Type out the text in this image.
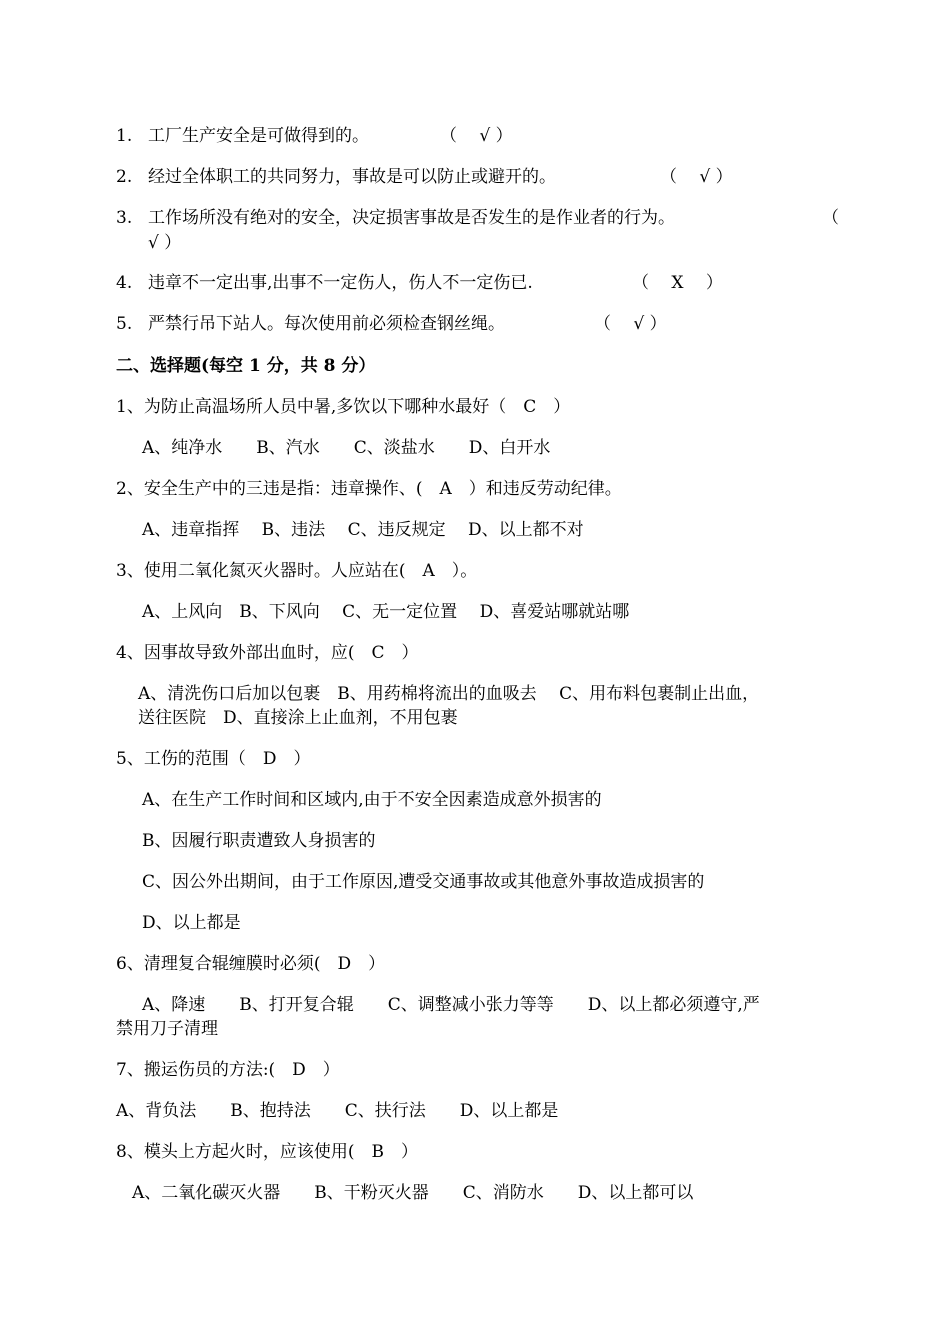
1. 工厂生产安全是可做得到的。	（　 √ ）
2. 经过全体职工的共同努力，事故是可以防止或避开的。	（　 √ ）
3. 工作场所没有绝对的安全，决定损害事故是否发生的是作业者的行为。	（
√ ）
4. 违章不一定出事,出事不一定伤人，伤人不一定伤已.	（　 X 　）
5. 严禁行吊下站人。每次使用前必须检查钢丝绳。	（　 √ ）
二、选择题(每空 1 分，共 8 分）
1、为防止高温场所人员中暑,多饮以下哪种水最好（　C　）
A、纯净水　　B、汽水　　C、淡盐水　　D、白开水
2、安全生产中的三违是指：违章操作、(　A　）和违反劳动纪律。
A、违章指挥　 B、违法　 C、违反规定　 D、以上都不对
3、使用二氧化氮灭火器时。人应站在(　A　）。
A、上风向　B、下风向　 C、无一定位置　 D、喜爱站哪就站哪
4、因事故导致外部出血时，应(　C　）
A、清洗伤口后加以包裹　B、用药棉将流出的血吸去　 C、用布料包裹制止出血，
送往医院　D、直接涂上止血剂，不用包裹
5、工伤的范围（　D　）
A、在生产工作时间和区域内,由于不安全因素造成意外损害的
B、因履行职责遭致人身损害的
C、因公外出期间，由于工作原因,遭受交通事故或其他意外事故造成损害的
D、以上都是
6、清理复合辊缠膜时必须(　D　）
A、降速　　B、打开复合辊　　C、调整减小张力等等　　D、以上都必须遵守,严
禁用刀子清理
7、搬运伤员的方法:(　D　）
A、背负法　　B、抱持法　　C、扶行法　　D、以上都是
8、模头上方起火时，应该使用(　B　）
A、二氧化碳灭火器　　B、干粉灭火器　　C、消防水　　D、以上都可以
